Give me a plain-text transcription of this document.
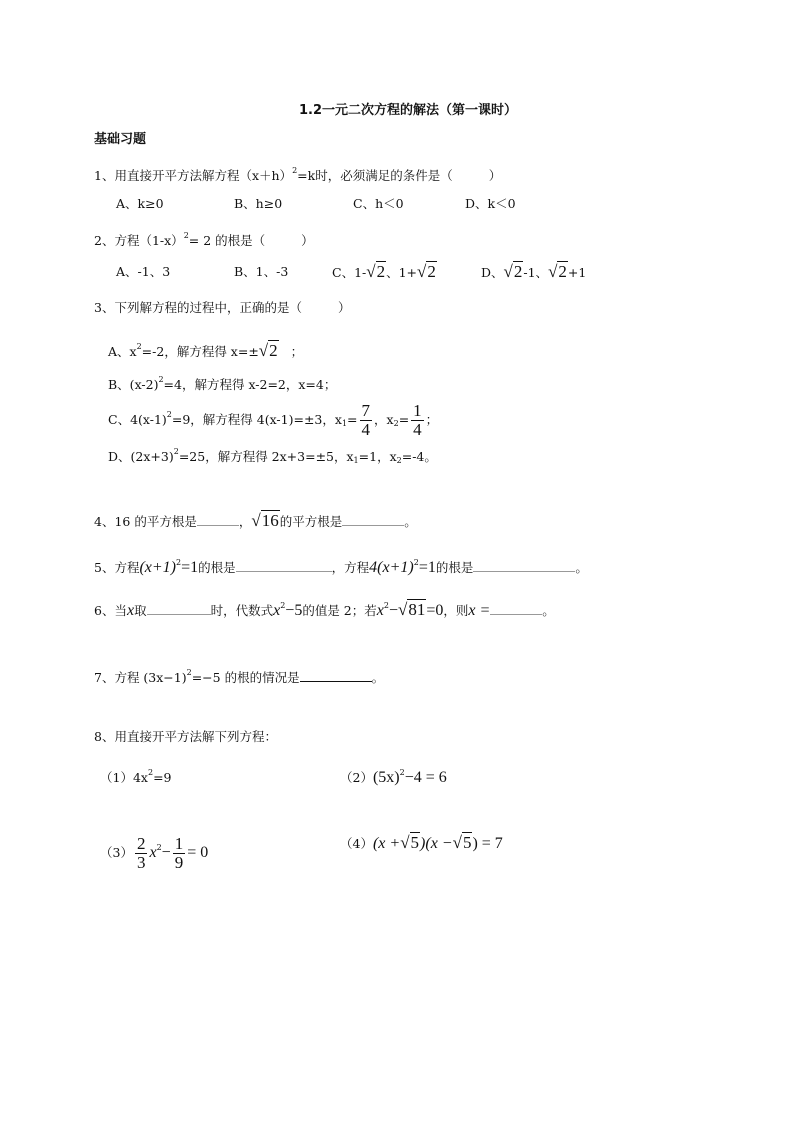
1.2一元二次方程的解法（第一课时）
基础习题
1、用直接开平方法解方程$(x+h)^2=k$时，必须满足的条件是（	）
A、k≥0	B、h≥0	C、h＜0	D、k＜0
2、方程$(1-x)^2= 2$ 的根是（	）
A、-1、3	B、1、-3	C、1-√2、1+√2	D、√2-1、√2+1
3、下列解方程的过程中，正确的是（	）
A、$x^2=-2$，解方程得 x=±√2 ；
B、$(x-2)^2=4$，解方程得 x-2=2，x=4；
C、$4(x-1)^2=9$，解方程得 4(x-1)=±3，$x_1= \frac{7}{4}$ ，$x_2= \frac{1}{4}$ ；
D、$(2x+3)^2=25$，解方程得 2x+3=±5，$x_1=1$，$x_2=-4$。
4、16 的平方根是	，√16的平方根是	。
5、方程$(x+1)^2=1$的根是	，方程$4(x+1)^2=1$的根是	。
6、当x取	时，代数式$x^2-5$的值是 2；若$x^2-√81=0$，则x =	。
7、方程 $(3x-1)^2=-5$ 的根的情况是	。
8、用直接开平方法解下列方程：
$(1)4x^2=9$	$(2)(5x)^2-4 = 6$
$(3) \frac{2}{3} x^2- \frac{1}{9} = 0$
（4）(x +√5)(x −√5) = 7
